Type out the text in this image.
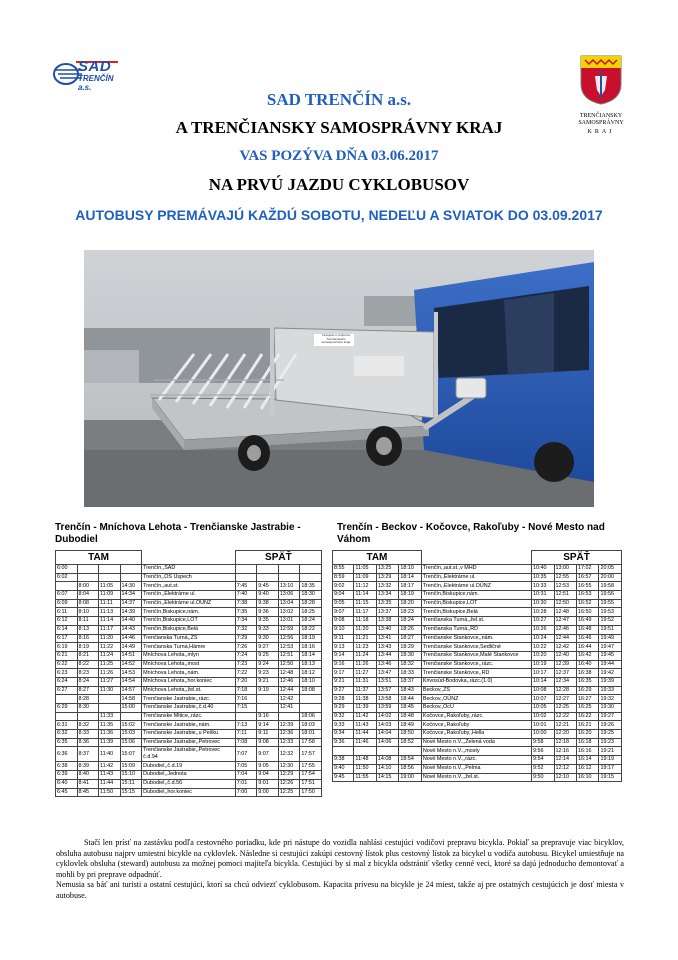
SAD
TRENČÍN a.s.
TRENČIANSKY SAMOSPRÁVNY
KRAJ
SAD TRENČÍN a.s.
A TRENČIANSKY SAMOSPRÁVNY KRAJ
VAS POZÝVA DŇA 03.06.2017
NA PRVÚ JAZDU CYKLOBUSOV
AUTOBUSY PREMÁVAJÚ KAŽDÚ SOBOTU, NEDEĽU A SVIATOK DO 03.09.2017
Cestujete s podporou Trenčianskeho samosprávneho kraja
Trenčín - Mníchova Lehota - Trenčianske Jastrabie - Dubodiel
TAM					SPÄŤ			
6:00				Trenčín,,SAD				
6:02				Trenčín,,OS Úspech				
	8:00	11:05	14:30	Trenčín,,aut.st.	7:45	9:45	13:10	18:35
6:07	8:04	11:09	14:34	Trenčín,,Elektrárne ul.	7:40	9:40	13:06	18:30
6:09	8:08	11:11	14:37	Trenčín,,Elektrárne ul.OÚNZ	7:38	9:38	13:04	18:28
6:11	8:10	11:13	14:39	Trenčín,Biskupice,nám.	7:35	9:36	13:02	18:25
6:12	8:11	11:14	14:40	Trenčín,Biskupice,LOT	7:34	9:35	13:01	18:24
6:14	8:13	11:17	14:43	Trenčín,Biskupice,Belá	7:32	9:33	12:59	18:22
6:17	8:16	11:20	14:46	Trenčianska Turná,,ZŠ	7:29	9:30	12:56	18:19
6:19	8:19	11:22	14:49	Trenčianska Turná,Hámre	7:26	9:27	12:53	18:16
6:21	8:21	11:24	14:51	Mníchova Lehota,,mlyn	7:24	9:25	12:51	18:14
6:22	8:22	11:25	14:52	Mníchova Lehota,,most	7:23	9:24	12:50	18:13
6:23	8:23	11:26	14:53	Mníchova Lehota,,nám.	7:22	9:23	12:48	18:12
6:24	8:24	11:27	14:54	Mníchova Lehota,,hor.koniec	7:20	9:21	12:46	18:10
6:27	8:27	11:30	14:57	Mníchova Lehota,,žel.st.	7:18	9:19	12:44	18:08
	8:28		14:58	Trenčianske Jastrabie,,rázc.	7:16		12:42	
6:29	8:30		15:00	Trenčianske Jastrabie,,č.d.40	7:15		12:41	
		11:33		Trenčianske Mitice,,rázc.		9:16		18:06
6:31	8:32	11:35	15:02	Trenčianske Jastrabie,,nám.	7:13	9:14	12:39	18:03
6:32	8:33	11:36	15:03	Trenčianske Jastrabie,,u Pešku	7:11	9:11	12:36	18:01
6:35	8:36	11:39	15:06	Trenčianske Jastrabie,,Petrovec	7:08	9:08	12:33	17:58
6:36	8:37	11:40	15:07	Trenčianske Jastrabie,,Petrovec č.d.94	7:07	9:07	12:32	17:57
6:38	8:39	11:42	15:09	Dubodiel,,č.d.19	7:05	9:05	12:30	17:55
6:39	8:40	11:43	15:10	Dubodiel,,Jednota	7:04	9:04	12:29	17:54
6:40	8:41	11:44	15:11	Dubodiel,,č.d.56	7:01	9:01	12:26	17:51
6:45	8:45	11:50	15:15	Dubodiel,,hor.koniec	7:00	9:00	12:25	17:50
Trenčín - Beckov - Kočovce, Rakoľuby - Nové Mesto nad Váhom
TAM					SPÄŤ			
8:55	11:05	13:25	18:10	Trenčín,,aut.st.,v MHD	10:40	13:00	17:02	20:05
8:59	11:09	13:29	18:14	Trenčín,,Elektrárne ul.	10:35	12:55	16:57	20:00
9:02	11:12	13:32	18:17	Trenčín,,Elektrárne ul.OÚNZ	10:33	12:53	16:55	19:58
9:04	11:14	13:34	18:19	Trenčín,Biskupice,nám.	10:31	12:51	16:53	19:56
9:05	11:15	13:35	18:20	Trenčín,Biskupice,LOT	10:30	12:50	16:52	19:55
9:07	11:17	13:37	18:23	Trenčín,Biskupice,Belá	10:28	12:48	16:50	19:53
9:08	11:18	13:38	18:24	Trenčianska Turná,,žel.st.	10:27	12:47	16:49	19:52
9:10	11:20	13:40	18:26	Trenčianska Turná,,RD	10:26	12:46	16:48	19:51
9:11	11:21	13:41	18:27	Trenčianske Stankovce,,nám.	10:24	12:44	16:46	19:49
9:13	11:23	13:43	18:29	Trenčianske Stankovce,Sedličné	10:22	12:42	16:44	19:47
9:14	11:24	13:44	18:30	Trenčianske Stankovce,Malé Stankovce	10:20	12:40	16:42	19:45
9:16	11:26	13:46	18:32	Trenčianske Stankovce,,rázc.	10:19	12:39	16:40	19:44
9:17	11:27	13:47	18:33	Trenčianske Stankovce,,RD	10:17	12:37	16:38	19:42
9:21	11:31	13:51	18:37	Krivosúd-Bodovka,,rázc.(1.0)	10:14	12:34	16:35	19:39
9:27	11:37	13:57	18:43	Beckov,,ZŠ	10:08	12:28	16:29	19:33
9:28	11:38	13:58	18:44	Beckov,,OÚNZ	10:07	12:27	16:27	19:32
9:29	11:39	13:59	18:45	Beckov,,OcÚ	10:05	12:25	16:25	19:30
9:32	11:42	14:02	18:48	Kočovce,,Rakoľuby,,rázc.	10:02	12:22	16:22	19:27
9:33	11:43	14:03	18:49	Kočovce,,Rakoľuby	10:01	12:21	16:21	19:26
9:34	11:44	14:04	18:50	Kočovce,,Rakoľuby,,Hella	10:00	12:20	16:20	19:25
9:36	11:46	14:06	18:52	Nové Mesto n.V.,,Zelená voda	9:58	12:18	16:18	19:23
				Nové Mesto n.V.,,mosty	9:56	12:16	16:16	19:21
9:38	11:48	14:08	18:54	Nové Mesto n.V.,,rázc.	9:54	12:14	16:14	19:19
9:40	11:50	14:10	18:56	Nové Mesto n.V.,,Pelma	9:52	12:12	16:12	19:17
9:45	11:55	14:15	19:00	Nové Mesto n.V.,,žel.st.	9:50	12:10	16:10	19:15

Stačí len prísť na zastávku podľa cestovného poriadku, kde pri nástupe do vozidla nahlási cestujúci vodičovi prepravu bicykla. Pokiaľ sa prepravuje viac bicyklov, obsluha autobusu najprv umiestni bicykle na cyklovlek. Následne si cestujúci zakúpi cestovný lístok plus cestovný lístok za bicykel u vodiča autobusu. Bicykel umiestňuje na cyklovlek obsluha (steward) autobusu za možnej pomoci majiteľa bicykla. Cestujúci by si mal z bicykla odstrániť všetky cenné veci, ktoré sa dajú jednoducho demontovať a mohli by pri preprave odpadnúť.

Nemusia sa báť ani turisti a ostatní cestujúci, ktorí sa chcú odviezť cyklobusom. Kapacita prívesu na bicykle je 24 miest, takže aj pre ostatných cestujúcich je dosť miesta v autobuse.
